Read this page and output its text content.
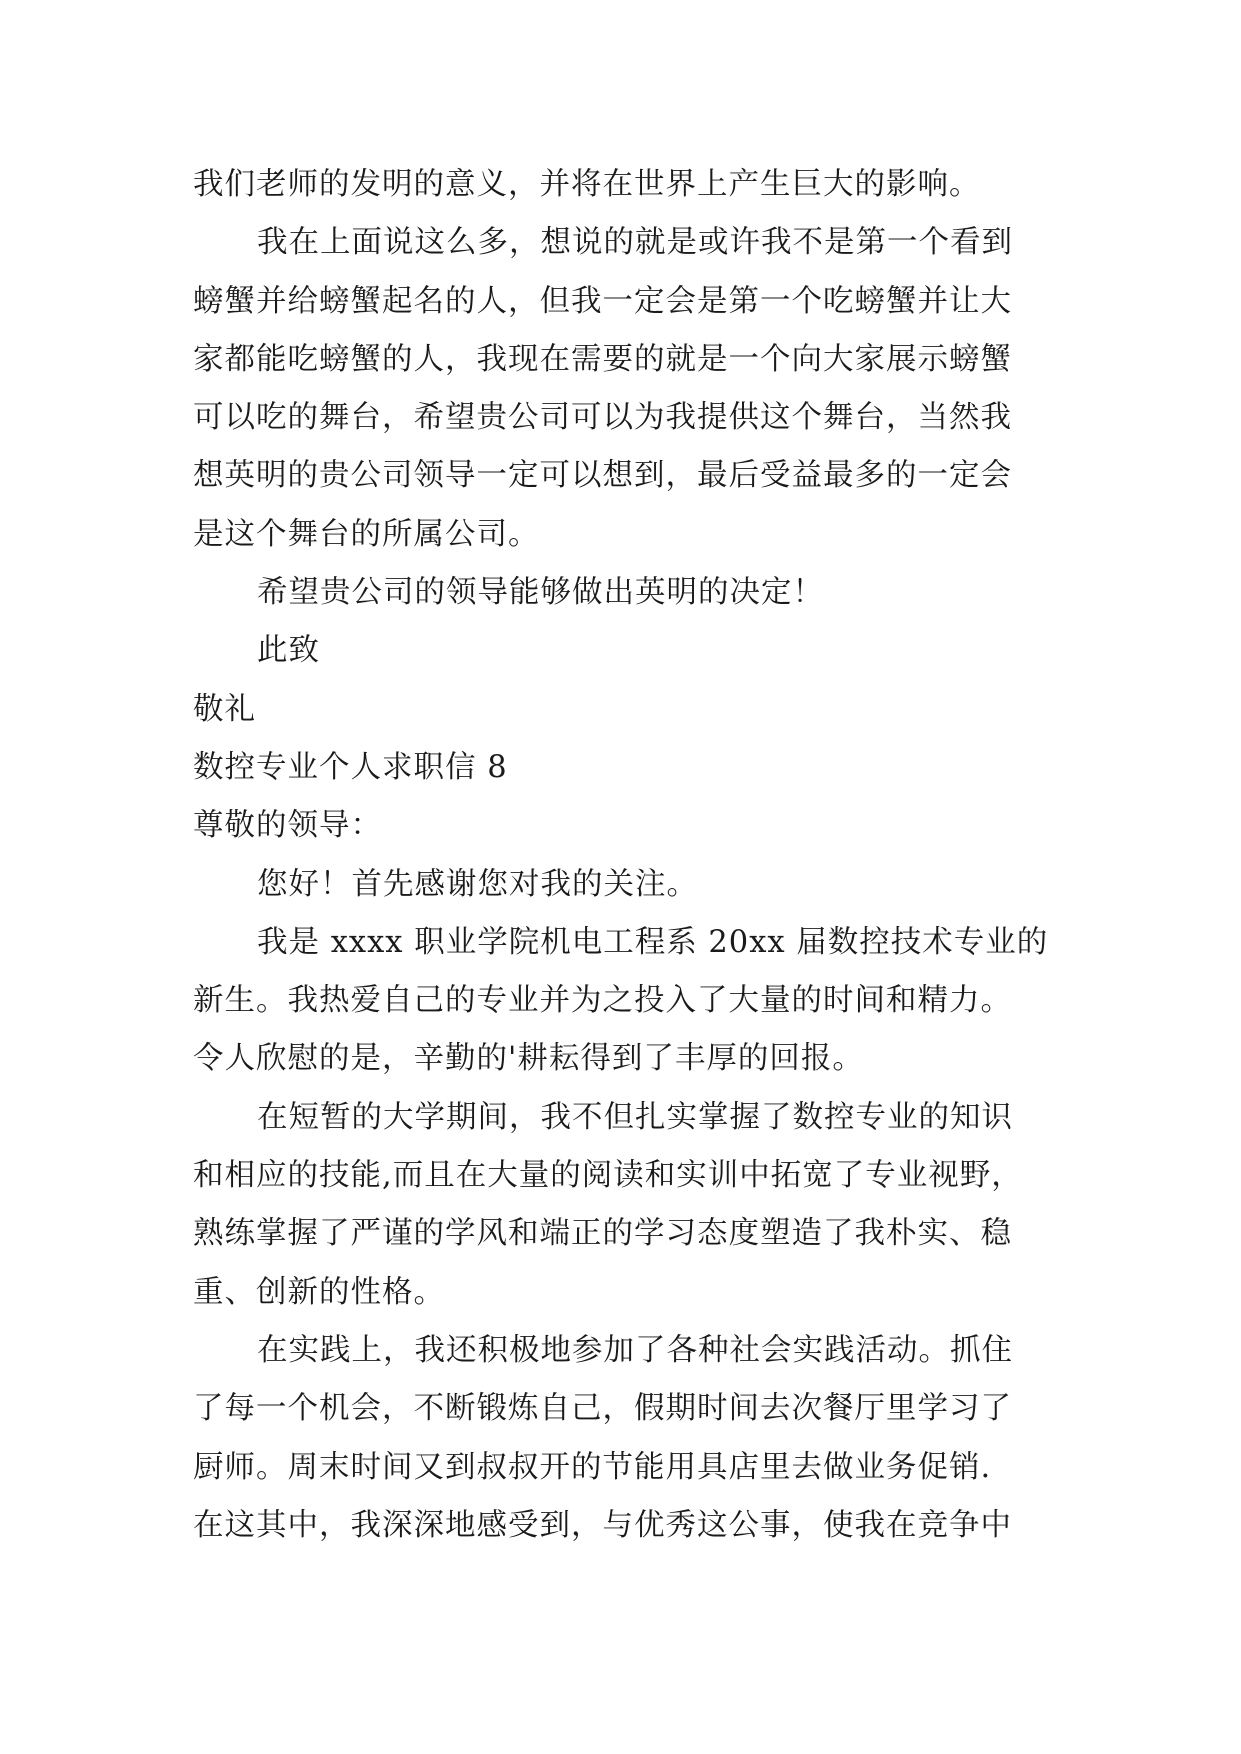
我们老师的发明的意义，并将在世界上产生巨大的影响。
我在上面说这么多，想说的就是或许我不是第一个看到
螃蟹并给螃蟹起名的人，但我一定会是第一个吃螃蟹并让大
家都能吃螃蟹的人，我现在需要的就是一个向大家展示螃蟹
可以吃的舞台，希望贵公司可以为我提供这个舞台，当然我
想英明的贵公司领导一定可以想到，最后受益最多的一定会
是这个舞台的所属公司。
希望贵公司的领导能够做出英明的决定！
此致
敬礼
数控专业个人求职信 8
尊敬的领导：
您好！首先感谢您对我的关注。
我是 xxxx 职业学院机电工程系 20xx 届数控技术专业的
新生。我热爱自己的专业并为之投入了大量的时间和精力。
令人欣慰的是，辛勤的'耕耘得到了丰厚的回报。
在短暂的大学期间，我不但扎实掌握了数控专业的知识
和相应的技能,而且在大量的阅读和实训中拓宽了专业视野，
熟练掌握了严谨的学风和端正的学习态度塑造了我朴实、稳
重、创新的性格。
在实践上，我还积极地参加了各种社会实践活动。抓住
了每一个机会，不断锻炼自己，假期时间去次餐厅里学习了
厨师。周末时间又到叔叔开的节能用具店里去做业务促销.
在这其中，我深深地感受到，与优秀这公事，使我在竞争中
